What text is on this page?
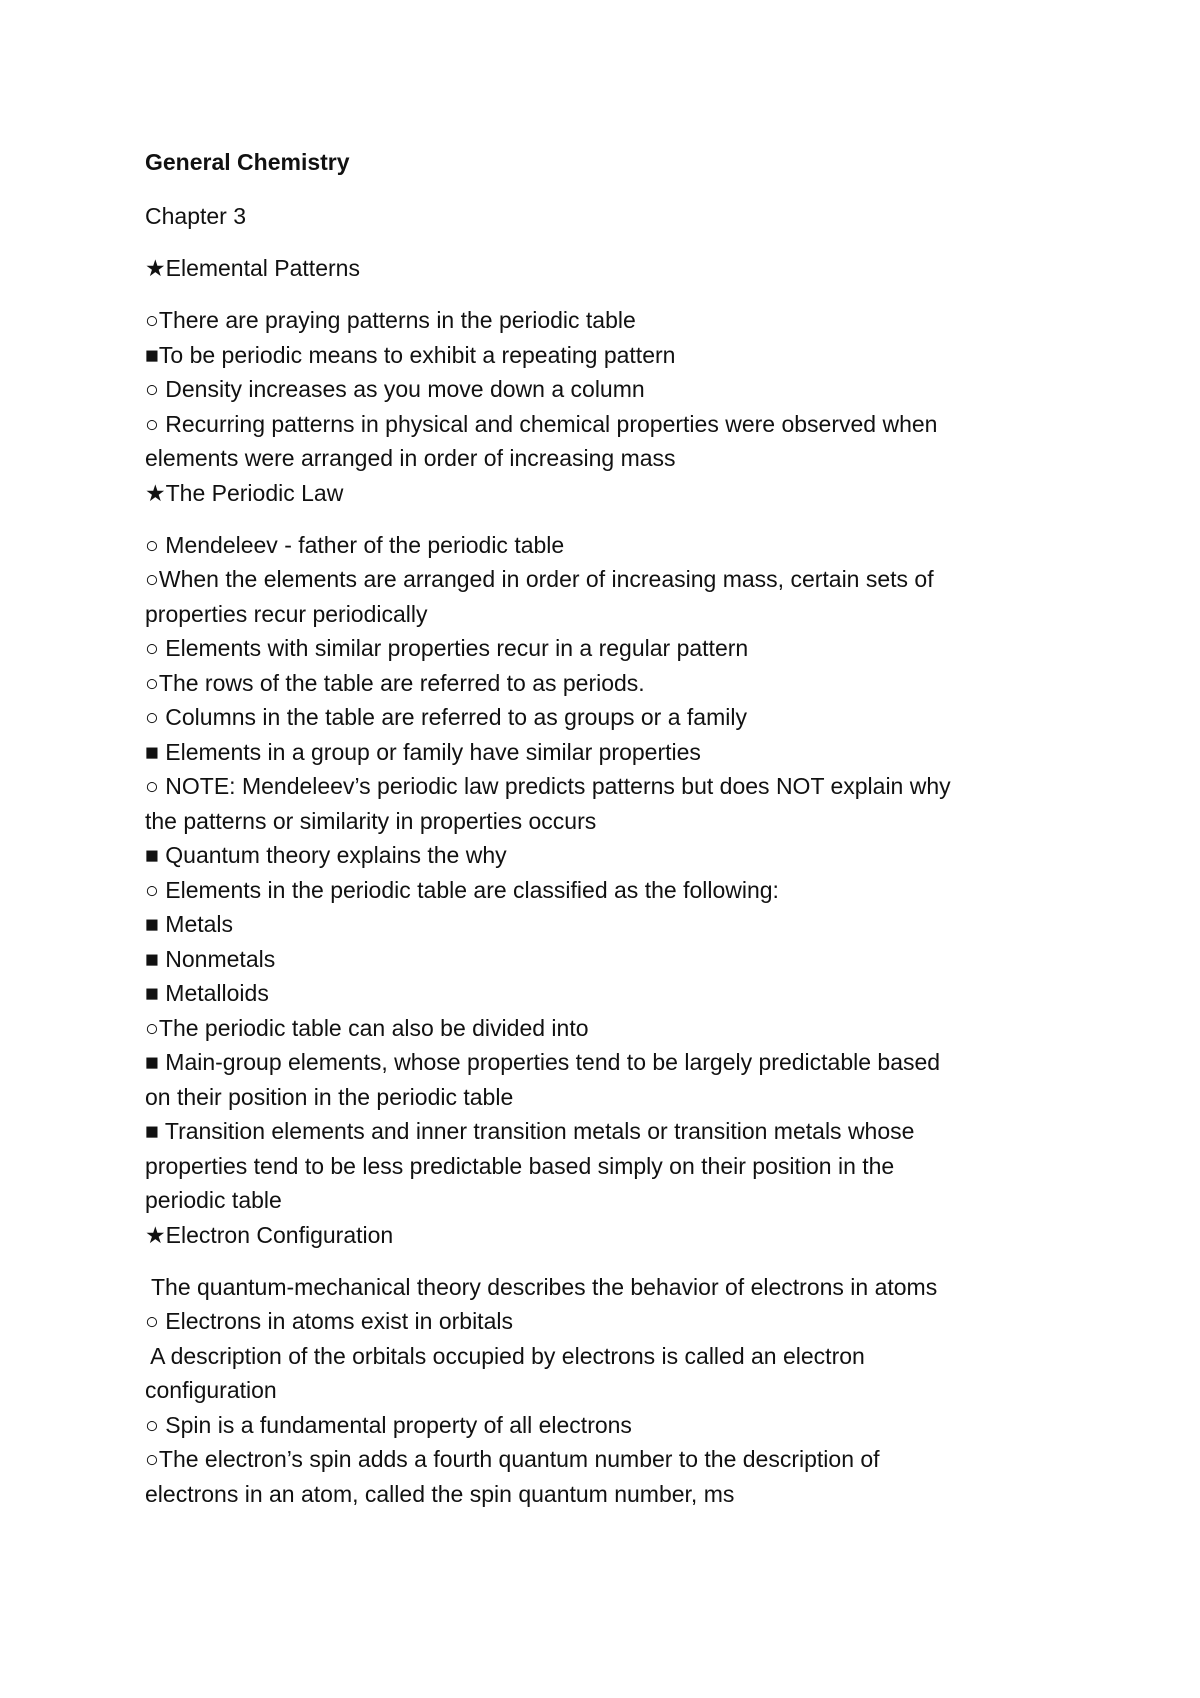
General Chemistry
Chapter 3
★Elemental Patterns

○There are praying patterns in the periodic table

■To be periodic means to exhibit a repeating pattern

○ Density increases as you move down a column

○ Recurring patterns in physical and chemical properties were observed when

elements were arranged in order of increasing mass

★The Periodic Law

○ Mendeleev - father of the periodic table

○When the elements are arranged in order of increasing mass, certain sets of

properties recur periodically

○ Elements with similar properties recur in a regular pattern

○The rows of the table are referred to as periods.

○ Columns in the table are referred to as groups or a family

■ Elements in a group or family have similar properties

○ NOTE: Mendeleev’s periodic law predicts patterns but does NOT explain why

the patterns or similarity in properties occurs

■ Quantum theory explains the why

○ Elements in the periodic table are classified as the following:

■ Metals

■ Nonmetals

■ Metalloids

○The periodic table can also be divided into

■ Main-group elements, whose properties tend to be largely predictable based

on their position in the periodic table

■ Transition elements and inner transition metals or transition metals whose

properties tend to be less predictable based simply on their position in the

periodic table

★Electron Configuration

The quantum-mechanical theory describes the behavior of electrons in atoms

○ Electrons in atoms exist in orbitals

A description of the orbitals occupied by electrons is called an electron

configuration

○ Spin is a fundamental property of all electrons

○The electron’s spin adds a fourth quantum number to the description of

electrons in an atom, called the spin quantum number, ms
